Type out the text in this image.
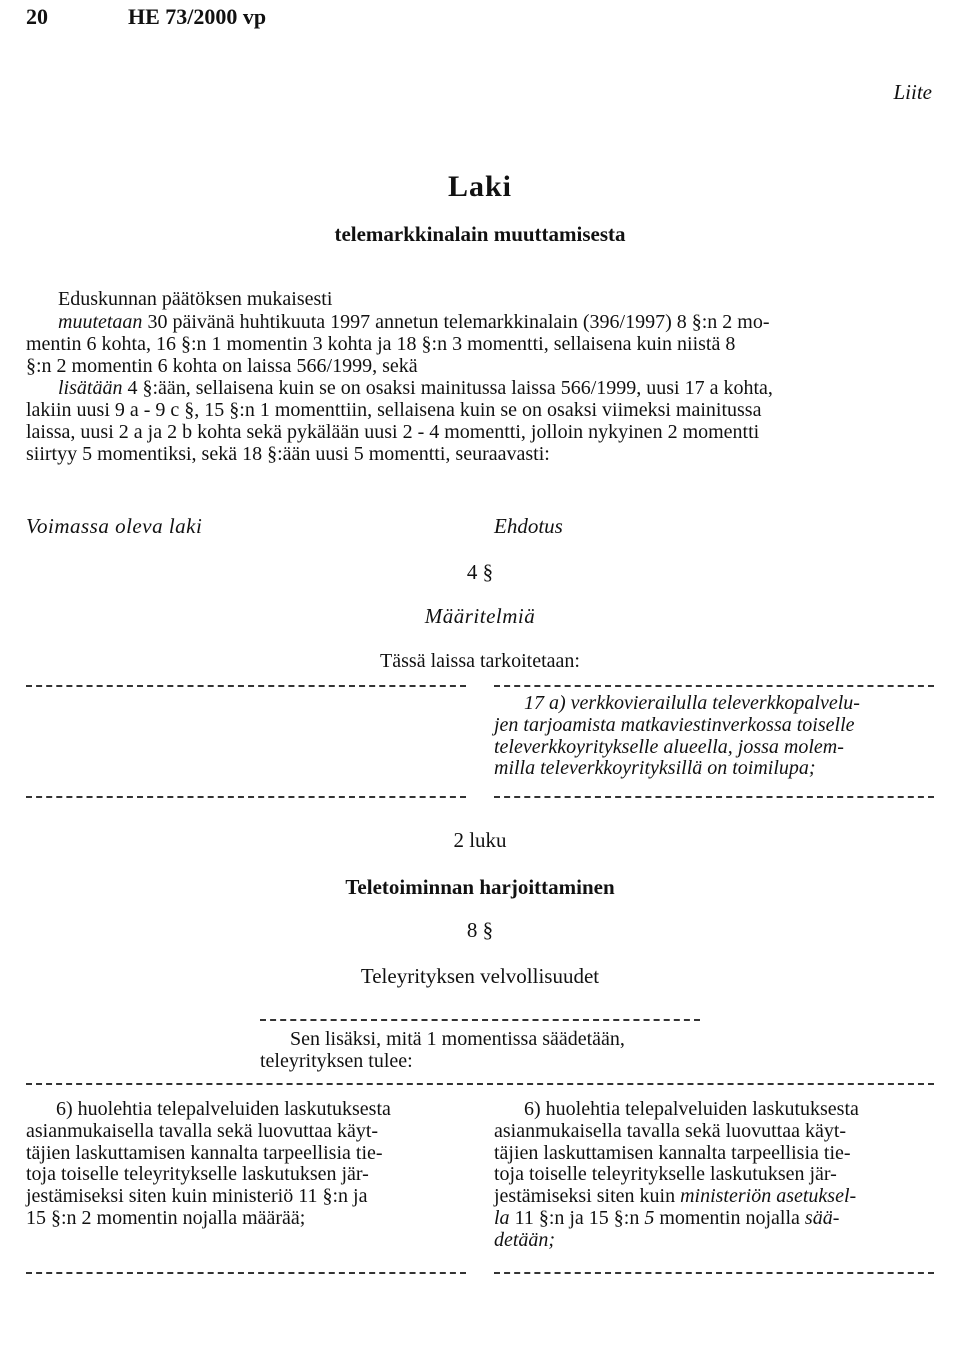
20	HE 73/2000 vp
Liite
Laki
telemarkkinalain muuttamisesta
Eduskunnan päätöksen mukaisesti
muutetaan 30 päivänä huhtikuuta 1997 annetun telemarkkinalain (396/1997) 8 §:n 2 mo-
mentin 6 kohta, 16 §:n 1 momentin 3 kohta ja 18 §:n 3 momentti, sellaisena kuin niistä 8
§:n 2 momentin 6 kohta on laissa 566/1999, sekä
lisätään 4 §:ään, sellaisena kuin se on osaksi mainitussa laissa 566/1999, uusi 17 a kohta,
lakiin uusi 9 a - 9 c §, 15 §:n 1 momenttiin, sellaisena kuin se on osaksi viimeksi mainitussa
laissa, uusi 2 a ja 2 b kohta sekä pykälään uusi 2 - 4 momentti, jolloin nykyinen 2 momentti
siirtyy 5 momentiksi, sekä 18 §:ään uusi 5 momentti, seuraavasti:
Voimassa oleva laki	Ehdotus
4 §
Määritelmiä
Tässä laissa tarkoitetaan:
17 a) verkkovierailulla televerkkopalvelu-
jen tarjoamista matkaviestinverkossa toiselle
televerkkoyritykselle alueella, jossa molem-
milla televerkkoyrityksillä on toimilupa;
2 luku
Teletoiminnan harjoittaminen
8 §
Teleyrityksen velvollisuudet
Sen lisäksi, mitä 1 momentissa säädetään,
teleyrityksen tulee:
6) huolehtia telepalveluiden laskutuksesta
asianmukaisella tavalla sekä luovuttaa käyt-
täjien laskuttamisen kannalta tarpeellisia tie-
toja toiselle teleyritykselle laskutuksen jär-
jestämiseksi siten kuin ministeriö 11 §:n ja
15 §:n 2 momentin nojalla määrää;
6) huolehtia telepalveluiden laskutuksesta
asianmukaisella tavalla sekä luovuttaa käyt-
täjien laskuttamisen kannalta tarpeellisia tie-
toja toiselle teleyritykselle laskutuksen jär-
jestämiseksi siten kuin ministeriön asetuksel-
la 11 §:n ja 15 §:n 5 momentin nojalla sää-
detään;
